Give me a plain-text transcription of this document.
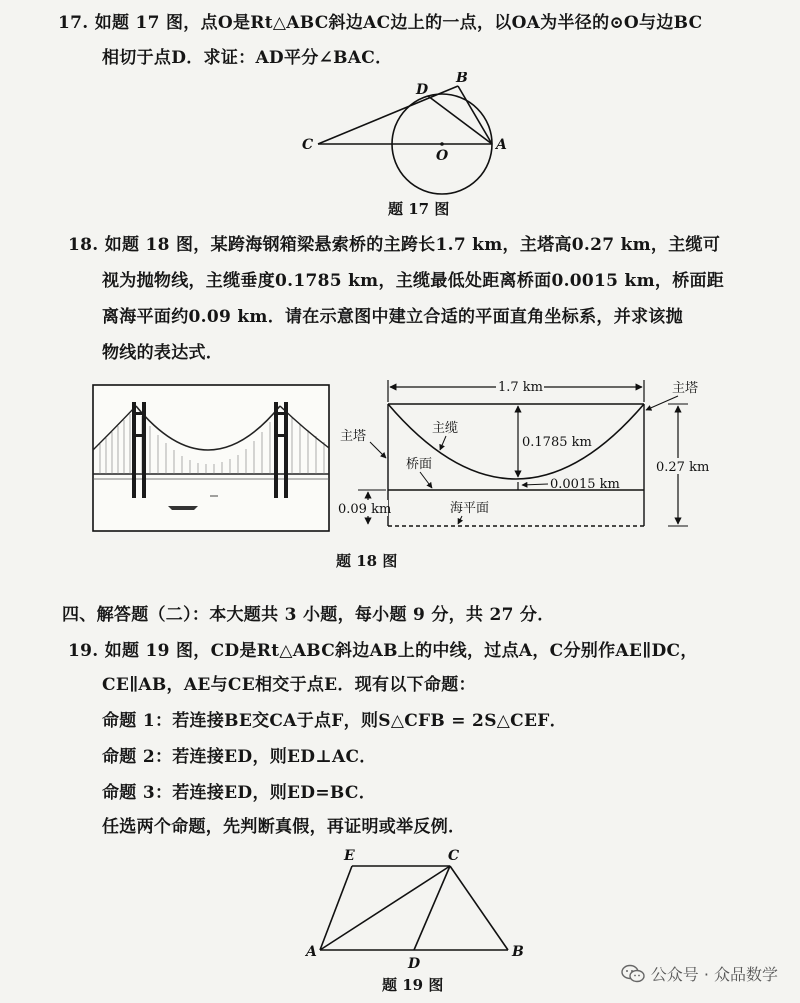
17. 如题 17 图，点O是Rt△ABC斜边AC边上的一点，以OA为半径的⊙O与边BC
相切于点D．求证：AD平分∠BAC．
C
D
B
O
A
题 17 图
18. 如题 18 图，某跨海钢箱梁悬索桥的主跨长1.7 km，主塔高0.27 km，主缆可
视为抛物线，主缆垂度0.1785 km，主缆最低处距离桥面0.0015 km，桥面距
离海平面约0.09 km．请在示意图中建立合适的平面直角坐标系，并求该抛
物线的表达式．
1.7 km
0.1785 km
0.0015 km
0.27 km
0.09 km
主塔
主塔
主缆
桥面
海平面
题 18 图
四、解答题（二）：本大题共 3 小题，每小题 9 分，共 27 分．
19. 如题 19 图，CD是Rt△ABC斜边AB上的中线，过点A，C分别作AE∥DC，
CE∥AB，AE与CE相交于点E．现有以下命题：
命题 1：若连接BE交CA于点F，则S△CFB = 2S△CEF．
命题 2：若连接ED，则ED⊥AC．
命题 3：若连接ED，则ED=BC．
任选两个命题，先判断真假，再证明或举反例．
E	C
A
D
B
题 19 图
公众号 · 众品数学
